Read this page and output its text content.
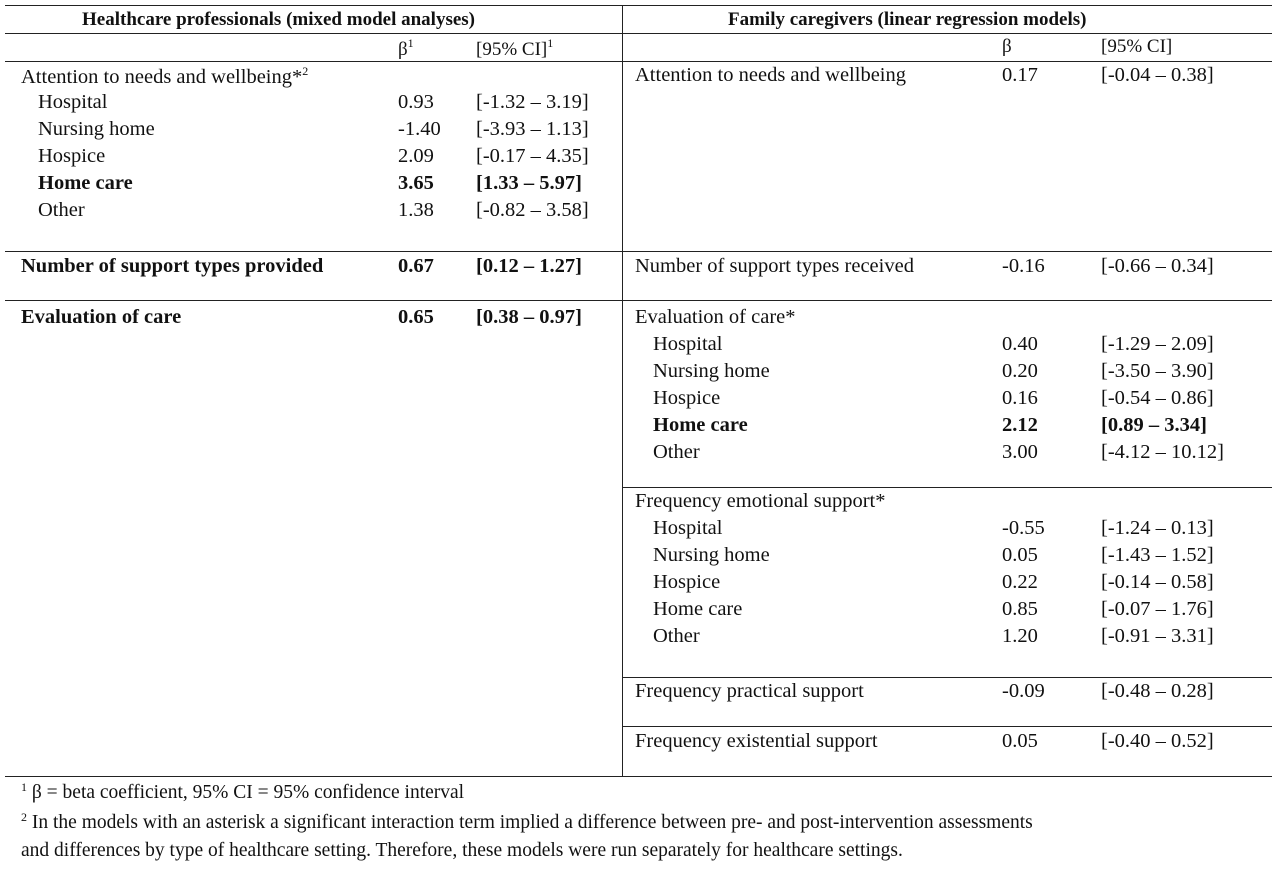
Healthcare professionals (mixed model analyses)	Family caregivers (linear regression models)
$\beta^1$	[95% CI]$^1$	β	[95% CI]
Attention to needs and wellbeing*$^2$
Hospital	0.93 [-1.32 – 3.19]
Nursing home	-1.40 [-3.93 – 1.13]
Hospice	2.09 [-0.17 – 4.35]
Home care	3.65 [1.33 – 5.97]
Other	1.38 [-0.82 – 3.58]
Number of support types provided	0.67 [0.12 – 1.27]
Evaluation of care	0.65 [0.38 – 0.97]
Attention to needs and wellbeing	0.17	[-0.04 – 0.38]
Number of support types received	-0.16	[-0.66 – 0.34]
Evaluation of care*
Hospital	0.40	[-1.29 – 2.09]
Nursing home	0.20	[-3.50 – 3.90]
Hospice	0.16	[-0.54 – 0.86]
Home care	2.12	[0.89 – 3.34]
Other	3.00	[-4.12 – 10.12]
Frequency emotional support*
Hospital	-0.55	[-1.24 – 0.13]
Nursing home	0.05	[-1.43 – 1.52]
Hospice	0.22	[-0.14 – 0.58]
Home care	0.85	[-0.07 – 1.76]
Other	1.20	[-0.91 – 3.31]
Frequency practical support	-0.09	[-0.48 – 0.28]
Frequency existential support	0.05	[-0.40 – 0.52]
$^1$ β = beta coefficient, 95% CI = 95% confidence interval
$^2$ In the models with an asterisk a significant interaction term implied a difference between pre- and post-intervention assessments
and differences by type of healthcare setting. Therefore, these models were run separately for healthcare settings.
